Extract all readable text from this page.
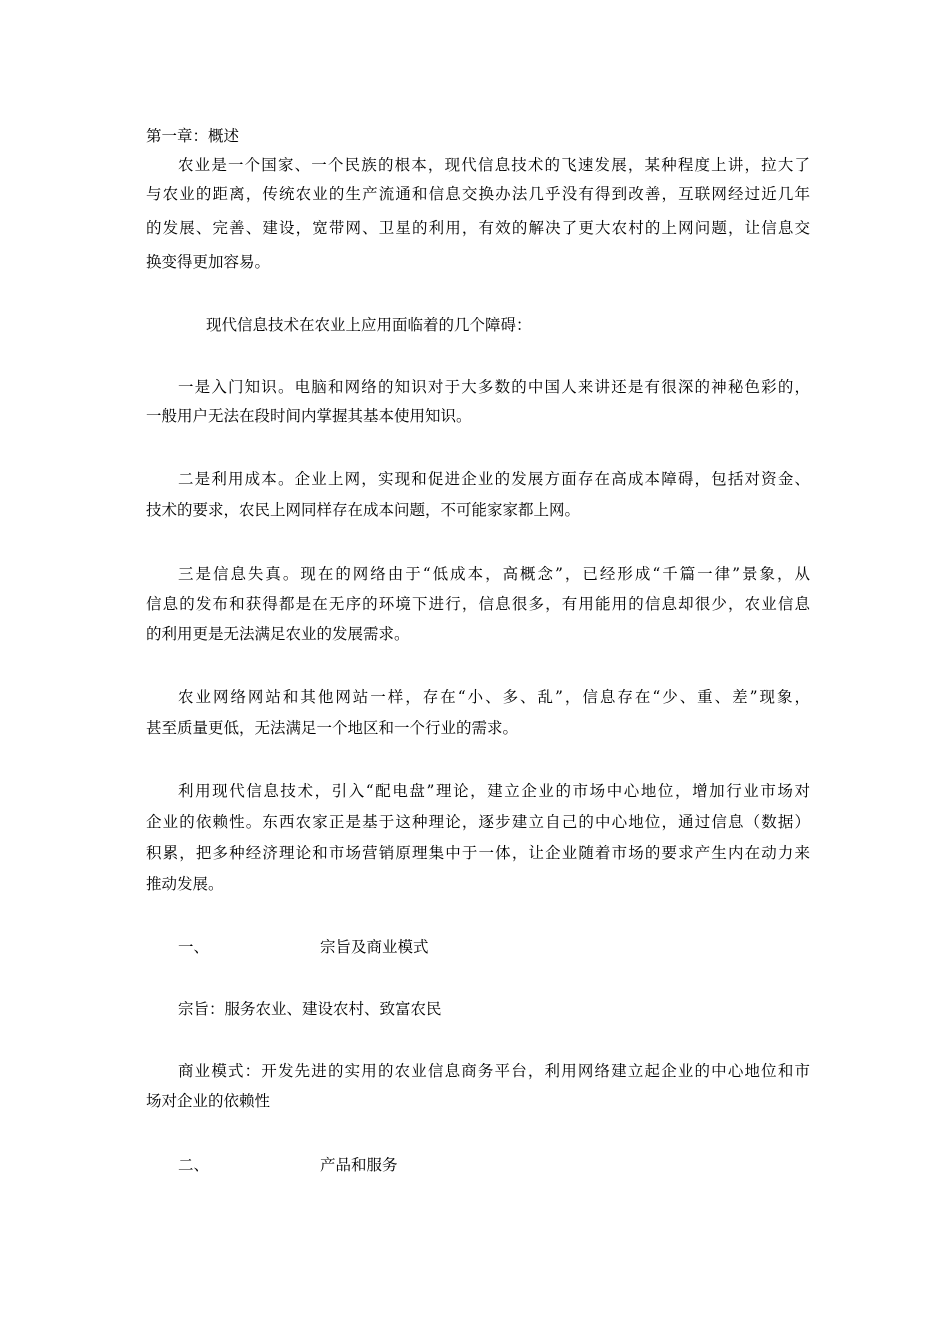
第一章：概述
农业是一个国家、一个民族的根本，现代信息技术的飞速发展，某种程度上讲，拉大了
与农业的距离，传统农业的生产流通和信息交换办法几乎没有得到改善，互联网经过近几年
的发展、完善、建设，宽带网、卫星的利用，有效的解决了更大农村的上网问题，让信息交
换变得更加容易。
现代信息技术在农业上应用面临着的几个障碍：
一是入门知识。电脑和网络的知识对于大多数的中国人来讲还是有很深的神秘色彩的，
一般用户无法在段时间内掌握其基本使用知识。
二是利用成本。企业上网，实现和促进企业的发展方面存在高成本障碍，包括对资金、
技术的要求，农民上网同样存在成本问题，不可能家家都上网。
三是信息失真。现在的网络由于“低成本，高概念”，已经形成“千篇一律”景象，从
信息的发布和获得都是在无序的环境下进行，信息很多，有用能用的信息却很少，农业信息
的利用更是无法满足农业的发展需求。
农业网络网站和其他网站一样，存在“小、多、乱”，信息存在“少、重、差”现象，
甚至质量更低，无法满足一个地区和一个行业的需求。
利用现代信息技术，引入“配电盘”理论，建立企业的市场中心地位，增加行业市场对
企业的依赖性。东西农家正是基于这种理论，逐步建立自己的中心地位，通过信息（数据）
积累，把多种经济理论和市场营销原理集中于一体，让企业随着市场的要求产生内在动力来
推动发展。
一、	宗旨及商业模式
宗旨：服务农业、建设农村、致富农民
商业模式：开发先进的实用的农业信息商务平台，利用网络建立起企业的中心地位和市
场对企业的依赖性
二、	产品和服务
